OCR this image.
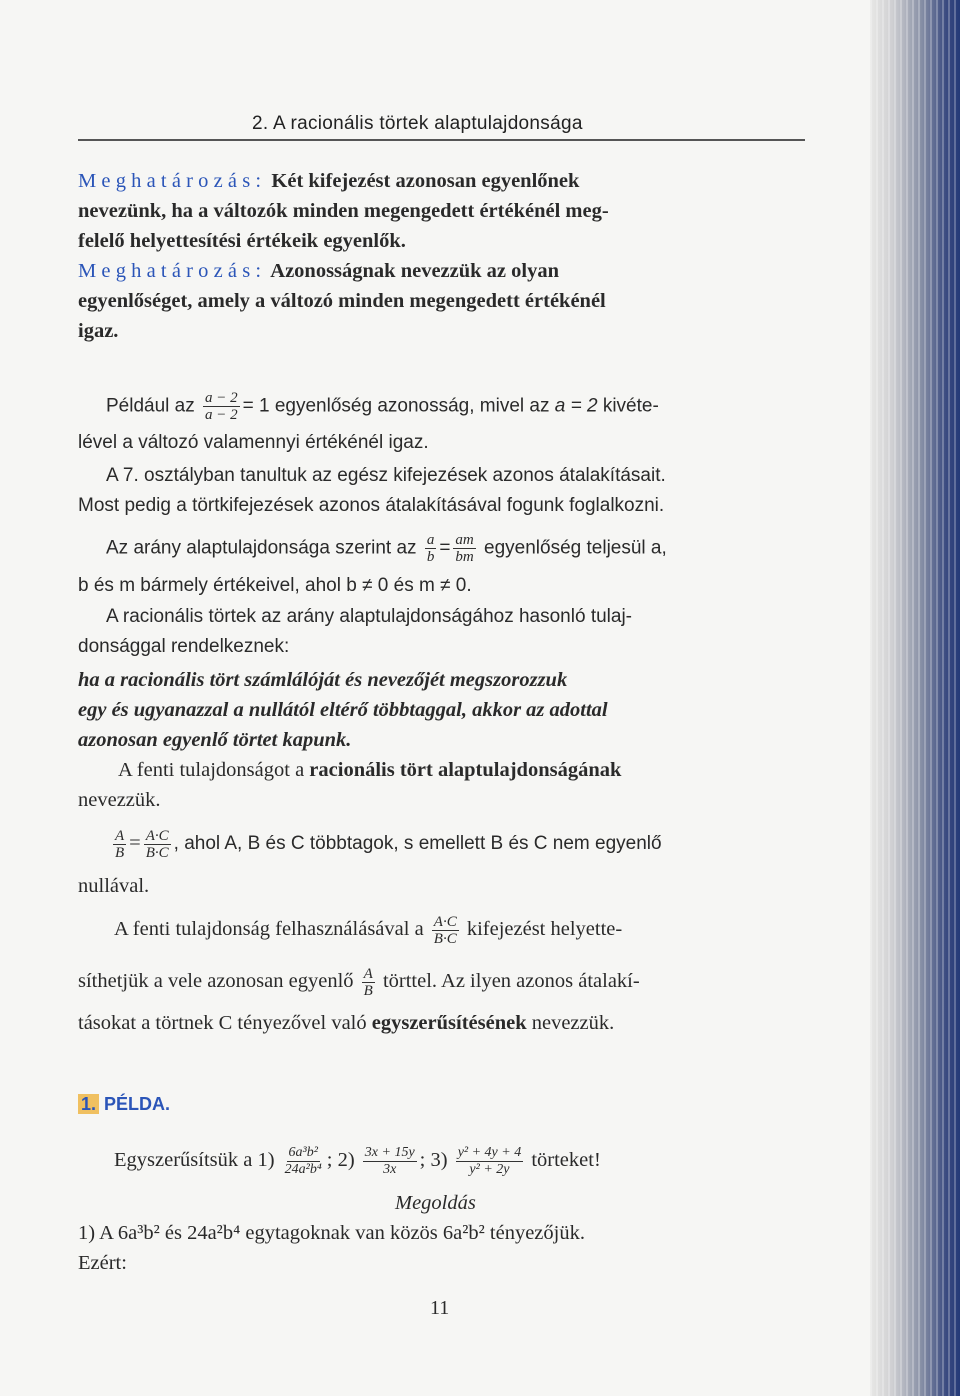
2. A racionális törtek alaptulajdonsága
Meghatározás: Két kifejezést azonosan egyenlőnek
nevezünk, ha a változók minden megengedett értékénél meg-
felelő helyettesítési értékeik egyenlők.
Meghatározás: Azonosságnak nevezzük az olyan
egyenlőséget, amely a változó minden megengedett értékénél
igaz.
Például az $\frac{a - 2}{a - 2} = 1$ egyenlőség azonosság, mivel az a = 2 kivéte-
lével a változó valamennyi értékénél igaz.
A 7. osztályban tanultuk az egész kifejezések azonos átalakításait.
Most pedig a törtkifejezések azonos átalakításával fogunk foglalkozni.
Az arány alaptulajdonsága szerint az $\frac{a}{b} = \frac{am}{bm}$ egyenlőség teljesül a,
b és m bármely értékeivel, ahol b ≠ 0 és m ≠ 0.
A racionális törtek az arány alaptulajdonságához hasonló tulaj-
donsággal rendelkeznek:
ha a racionális tört számlálóját és nevezőjét megszorozzuk
egy és ugyanazzal a nullától eltérő többtaggal, akkor az adottal
azonosan egyenlő törtet kapunk.
A fenti tulajdonságot a racionális tört alaptulajdonságának
nevezzük.
$\frac{A}{B} = \frac{A\cdot C}{B\cdot C}$ , ahol A, B és C többtagok, s emellett B és C nem egyenlő
nullával.
A fenti tulajdonság felhasználásával a $\frac{A\cdot C}{B\cdot C}$ kifejezést helyette-
síthetjük a vele azonosan egyenlő $\frac{A}{B}$ törttel. Az ilyen azonos átalakí-
tásokat a törtnek C tényezővel való egyszerűsítésének nevezzük.
1. PÉLDA.
Egyszerűsítsük a $1) \frac{\text{6a³b²}}{\text{24a²b⁴}}$ ; $2) \frac{3x + 15y}{3x}$ ; $3) \frac{\text{y² + 4y + 4}}{\text{y² + 2y}}$ törteket!
Megoldás
1) A 6a³b² és 24a²b⁴ egytagoknak van közös 6a²b² tényezőjük.
Ezért:
11
